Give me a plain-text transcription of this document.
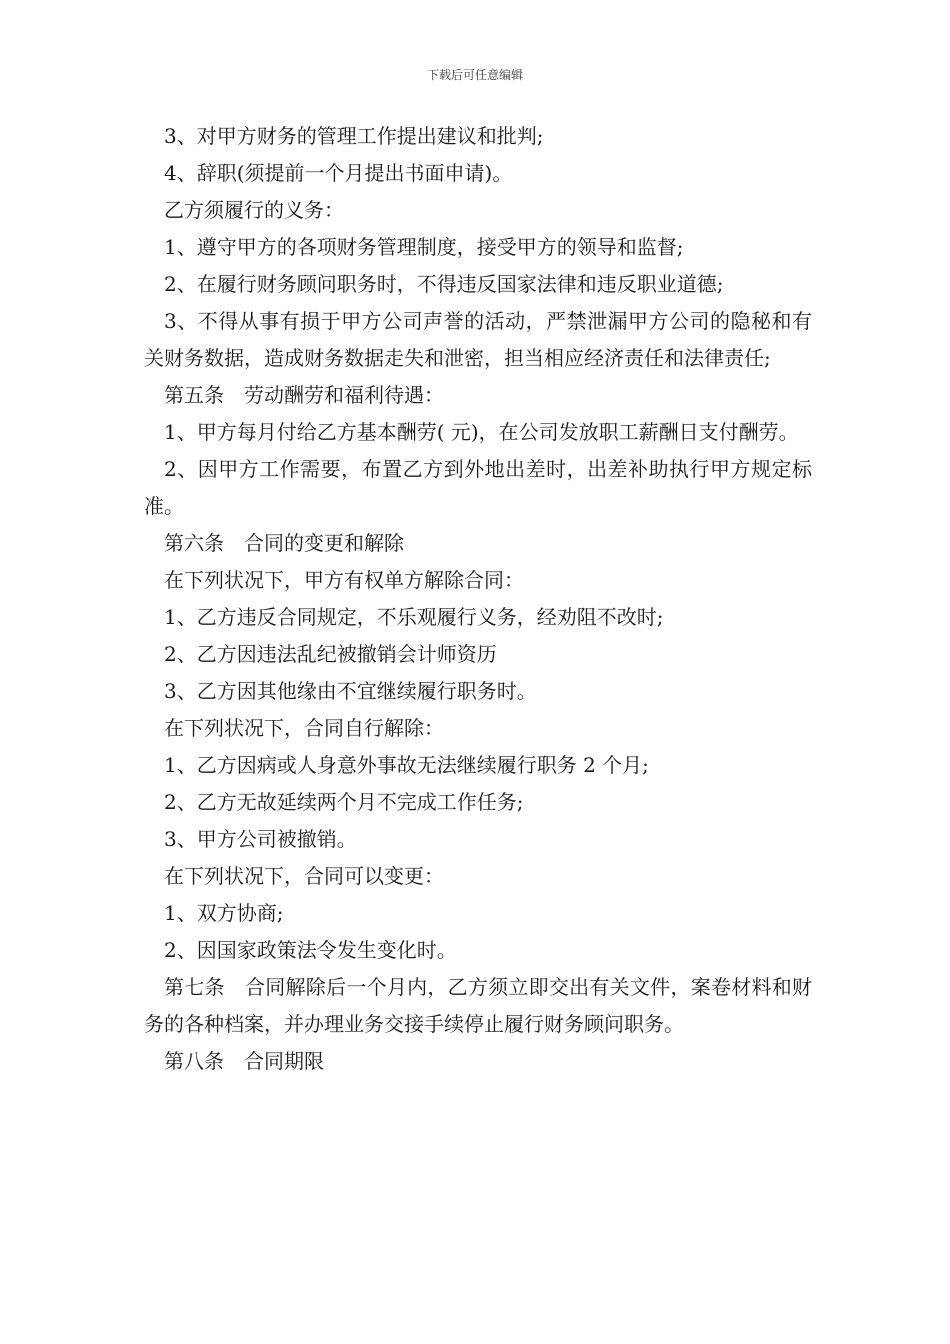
下载后可任意编辑

3、对甲方财务的管理工作提出建议和批判;

4、辞职(须提前一个月提出书面申请)。

乙方须履行的义务：

1、遵守甲方的各项财务管理制度，接受甲方的领导和监督;

2、在履行财务顾问职务时，不得违反国家法律和违反职业道德;

3、不得从事有损于甲方公司声誉的活动，严禁泄漏甲方公司的隐秘和有关财务数据，造成财务数据走失和泄密，担当相应经济责任和法律责任;

第五条　劳动酬劳和福利待遇：

1、甲方每月付给乙方基本酬劳( 元)，在公司发放职工薪酬日支付酬劳。

2、因甲方工作需要，布置乙方到外地出差时，出差补助执行甲方规定标准。

第六条　合同的变更和解除

在下列状况下，甲方有权单方解除合同：

1、乙方违反合同规定，不乐观履行义务，经劝阻不改时;

2、乙方因违法乱纪被撤销会计师资历

3、乙方因其他缘由不宜继续履行职务时。

在下列状况下，合同自行解除：

1、乙方因病或人身意外事故无法继续履行职务 2 个月;

2、乙方无故延续两个月不完成工作任务;

3、甲方公司被撤销。

在下列状况下，合同可以变更：

1、双方协商;

2、因国家政策法令发生变化时。

第七条　合同解除后一个月内，乙方须立即交出有关文件，案卷材料和财务的各种档案，并办理业务交接手续停止履行财务顾问职务。

第八条　合同期限
